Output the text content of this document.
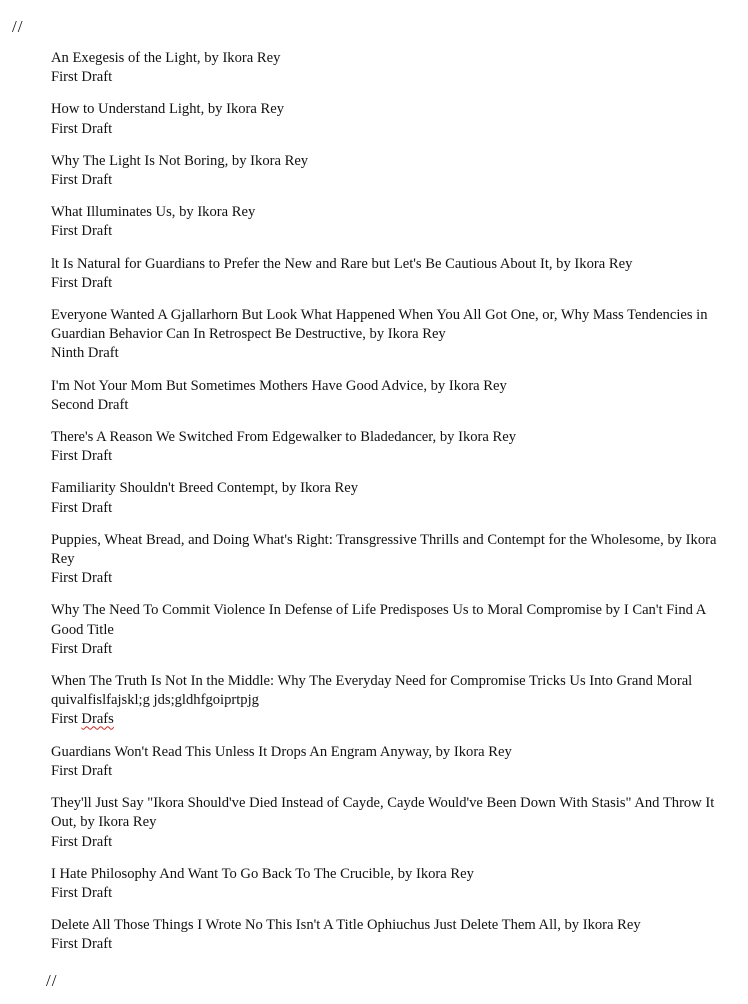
//
An Exegesis of the Light, by Ikora Rey
First Draft
How to Understand Light, by Ikora Rey
First Draft
Why The Light Is Not Boring, by Ikora Rey
First Draft
What Illuminates Us, by Ikora Rey
First Draft
lt Is Natural for Guardians to Prefer the New and Rare but Let's Be Cautious About It, by Ikora Rey
First Draft
Everyone Wanted A Gjallarhorn But Look What Happened When You All Got One, or, Why Mass Tendencies in Guardian Behavior Can In Retrospect Be Destructive, by Ikora Rey
Ninth Draft
I'm Not Your Mom But Sometimes Mothers Have Good Advice, by Ikora Rey
Second Draft
There's A Reason We Switched From Edgewalker to Bladedancer, by Ikora Rey
First Draft
Familiarity Shouldn't Breed Contempt, by Ikora Rey
First Draft
Puppies, Wheat Bread, and Doing What's Right: Transgressive Thrills and Contempt for the Wholesome, by Ikora Rey
First Draft
Why The Need To Commit Violence In Defense of Life Predisposes Us to Moral Compromise by I Can't Find A Good Title
First Draft
When The Truth Is Not In the Middle: Why The Everyday Need for Compromise Tricks Us Into Grand Moral quivalfislfajskl;g jds;gldhfgoiprtpjg
First Drafs
Guardians Won't Read This Unless It Drops An Engram Anyway, by Ikora Rey
First Draft
They'll Just Say "Ikora Should've Died Instead of Cayde, Cayde Would've Been Down With Stasis" And Throw It Out, by Ikora Rey
First Draft
I Hate Philosophy And Want To Go Back To The Crucible, by Ikora Rey
First Draft
Delete All Those Things I Wrote No This Isn't A Title Ophiuchus Just Delete Them All, by Ikora Rey
First Draft
//
